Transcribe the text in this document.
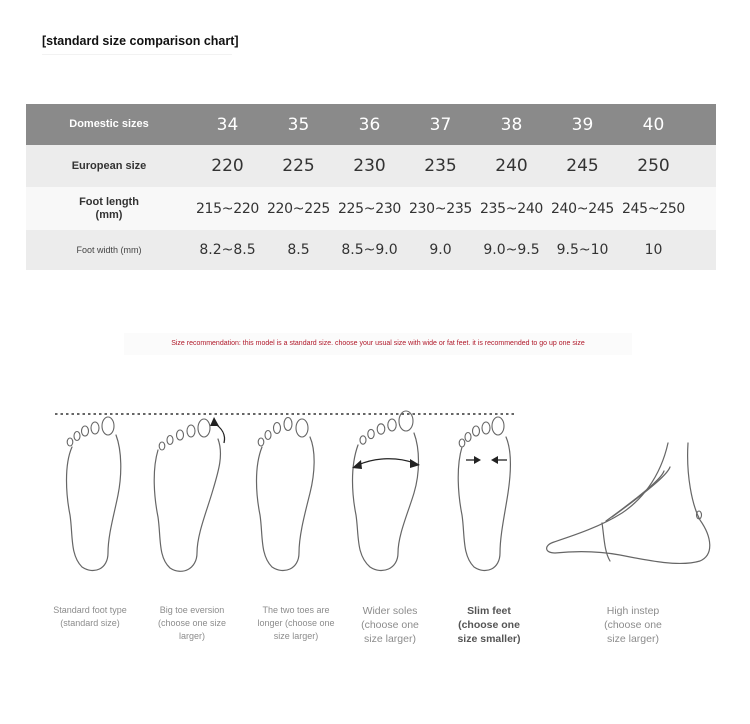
[standard size comparison chart]
Domestic sizes	34	35	36	37	38	39	40
European size	220	225	230	235	240	245	250
Foot length (mm)	215~220 220~225 225~230 230~235 235~240 240~245 245~250
Foot width (mm)	8.2~8.5	8.5	8.5~9.0	9.0	9.0~9.5	9.5~10	10
Size recommendation: this model is a standard size. choose your usual size with wide or fat feet. it is recommended to go up one size
Standard foot type (standard size)
Big toe eversion (choose one size larger)
The two toes are longer (choose one size larger)
Wider soles (choose one size larger)
Slim feet (choose one size smaller)
High instep (choose one size larger)
